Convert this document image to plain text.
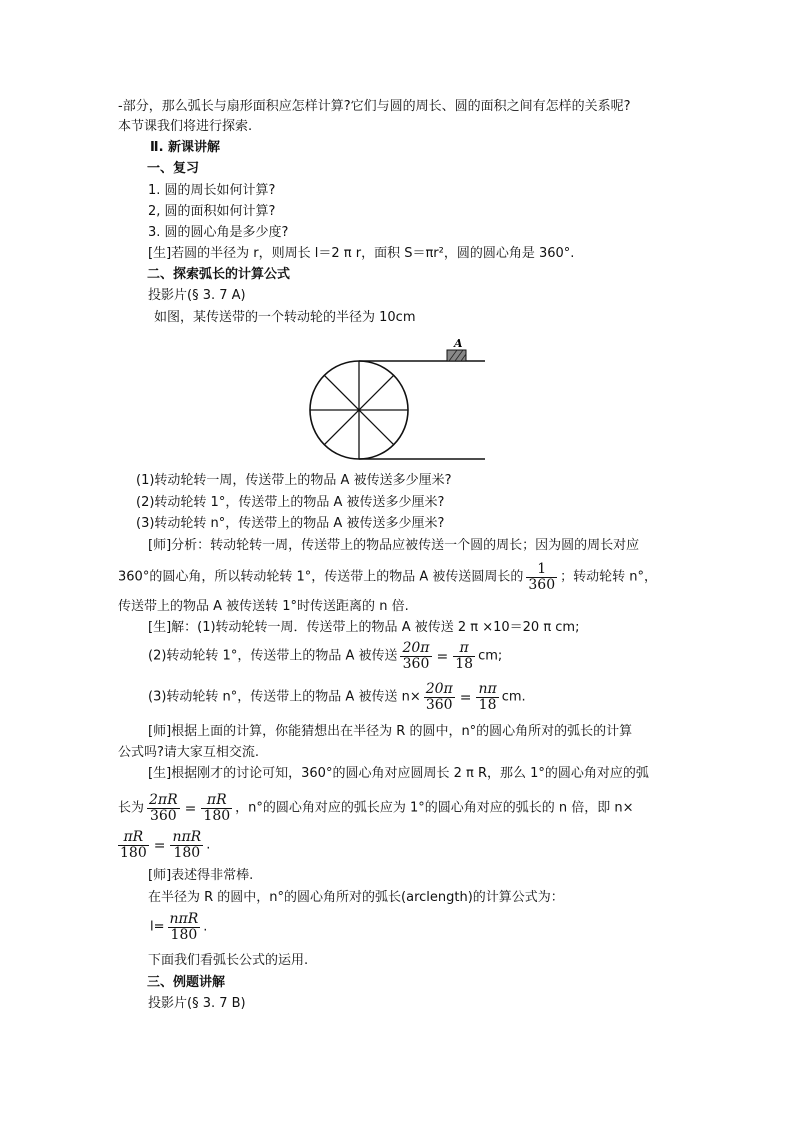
-部分，那么弧长与扇形面积应怎样计算?它们与圆的周长、圆的面积之间有怎样的关系呢?
本节课我们将进行探索.
Ⅱ. 新课讲解
一、复习
1. 圆的周长如何计算?
2, 圆的面积如何计算?
3. 圆的圆心角是多少度?
[生]若圆的半径为 r，则周长 l＝2 π r，面积 S＝πr²，圆的圆心角是 360°.
二、探索弧长的计算公式
投影片(§ 3. 7 A)
如图，某传送带的一个转动轮的半径为 10cm
A
(1)转动轮转一周，传送带上的物品 A 被传送多少厘米?
(2)转动轮转 1°，传送带上的物品 A 被传送多少厘米?
(3)转动轮转 n°，传送带上的物品 A 被传送多少厘米?
[师]分析：转动轮转一周，传送带上的物品应被传送一个圆的周长；因为圆的周长对应
360°的圆心角，所以转动轮转 1°，传送带上的物品 A 被传送圆周长的 $\frac{1}{360}$ ；转动轮转 n°，
传送带上的物品 A 被传送转 1°时传送距离的 n 倍.
[生]解：(1)转动轮转一周．传送带上的物品 A 被传送 2 π ×10＝20 π cm;
(2)转动轮转 1°，传送带上的物品 A 被传送 $\frac{20\pi}{360} = \frac{\pi}{18}$ cm;
(3)转动轮转 n°，传送带上的物品 A 被传送 $n\times \frac{20\pi}{360} = \frac{n\pi}{18}$ cm.
[师]根据上面的计算，你能猜想出在半径为 R 的圆中，n°的圆心角所对的弧长的计算
公式吗?请大家互相交流.
[生]根据刚才的讨论可知，360°的圆心角对应圆周长 2 π R，那么 1°的圆心角对应的弧
长为 $\frac{2\pi R}{360} = \frac{\pi R}{180}$ ，n°的圆心角对应的弧长应为 1°的圆心角对应的弧长的 n 倍，即 n×
$\frac{\pi R}{180} = \frac{\text{nπR}}{180}$ .
[师]表述得非常棒.
在半径为 R 的圆中，n°的圆心角所对的弧长(arclength)的计算公式为：
$l= \frac{\text{nπR}}{180}$ .
下面我们看弧长公式的运用.
三、例题讲解
投影片(§ 3. 7 B)
